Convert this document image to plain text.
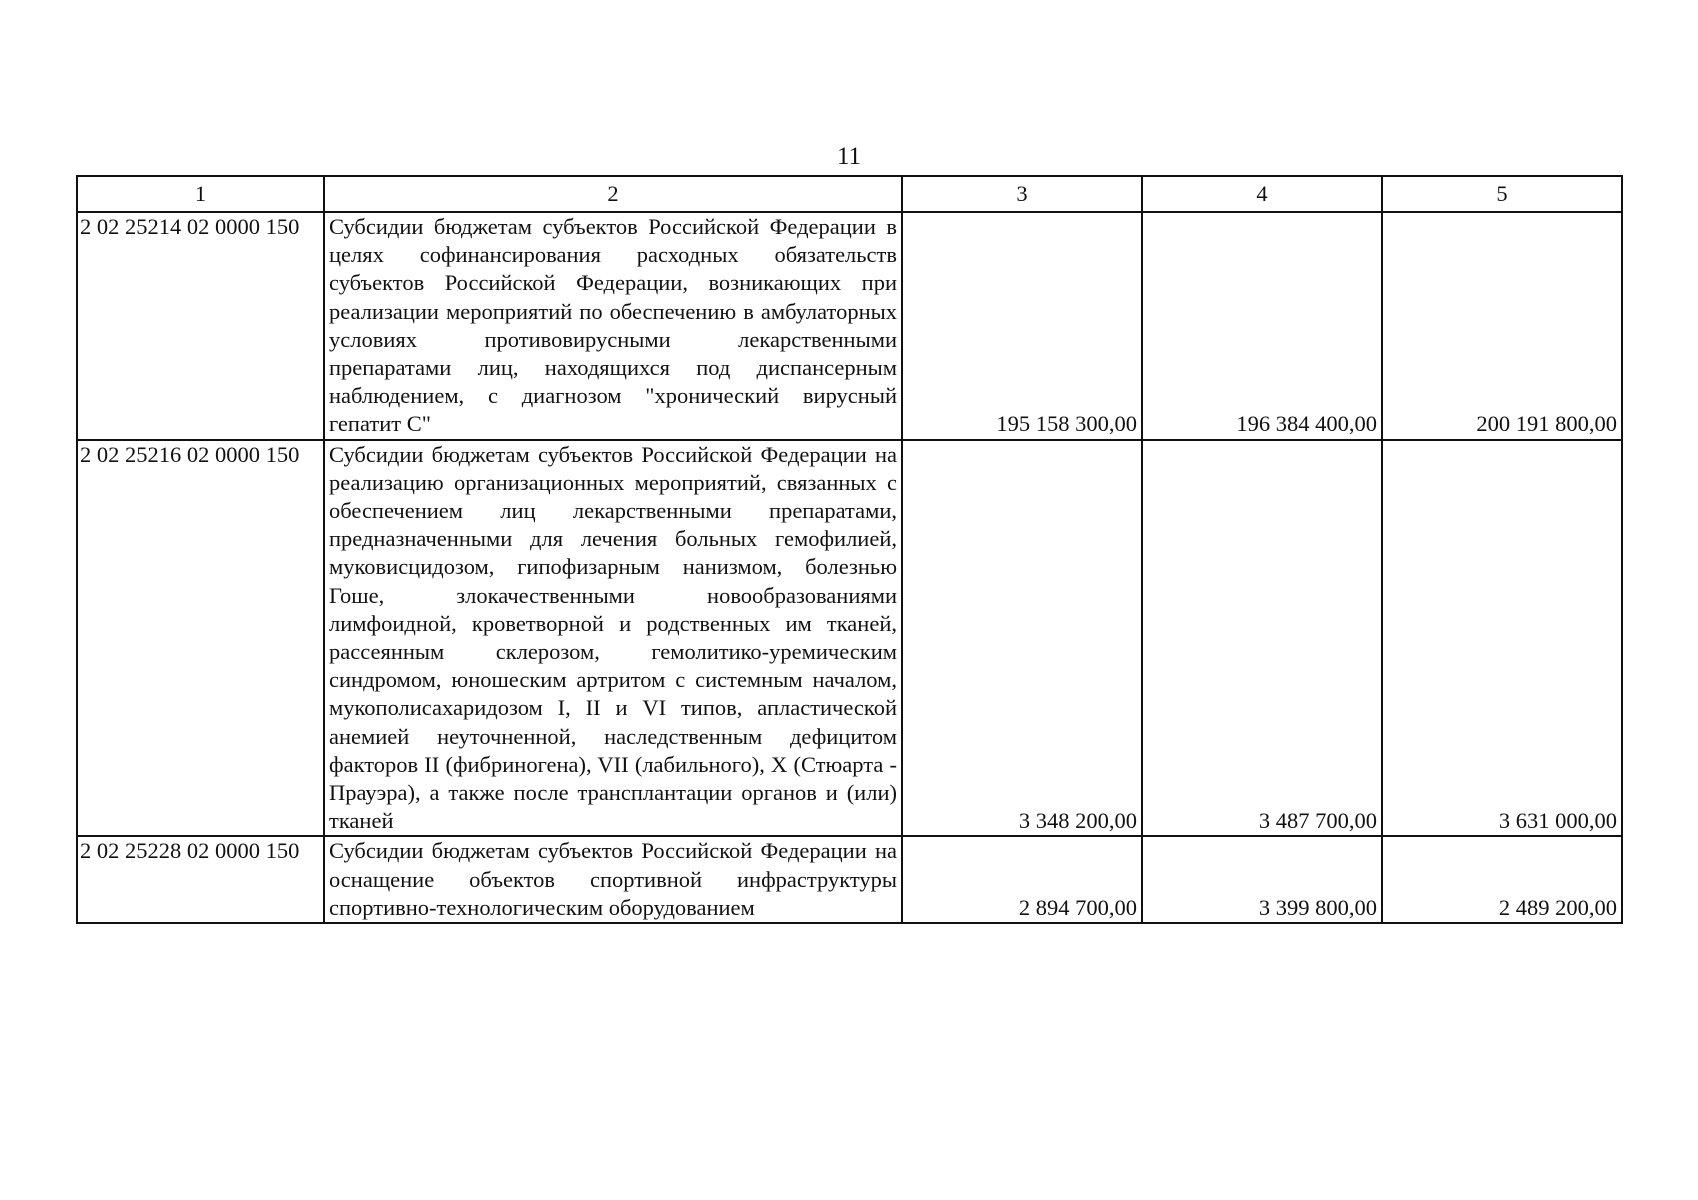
11
1	2	3	4	5
2 02 25214 02 0000 150	Субсидии бюджетам субъектов Российской Федерации в целях софинансирования расходных обязательств субъектов Российской Федерации, возникающих при реализации мероприятий по обеспечению в амбулаторных условиях противовирусными лекарственными препаратами лиц, находящихся под диспансерным наблюдением, с диагнозом "хронический вирусный гепатит С"	195 158 300,00	196 384 400,00	200 191 800,00
2 02 25216 02 0000 150	Субсидии бюджетам субъектов Российской Федерации на реализацию организационных мероприятий, связанных с обеспечением лиц лекарственными препаратами, предназначенными для лечения больных гемофилией, муковисцидозом, гипофизарным нанизмом, болезнью Гоше, злокачественными новообразованиями лимфоидной, кроветворной и родственных им тканей, рассеянным склерозом, гемолитико-уремическим синдромом, юношеским артритом с системным началом, мукополисахаридозом I, II и VI типов, апластической анемией неуточненной, наследственным дефицитом факторов II (фибриногена), VII (лабильного), X (Стюарта - Прауэра), а также после трансплантации органов и (или) тканей	3 348 200,00	3 487 700,00	3 631 000,00
2 02 25228 02 0000 150	Субсидии бюджетам субъектов Российской Федерации на оснащение объектов спортивной инфраструктуры спортивно-технологическим оборудованием	2 894 700,00	3 399 800,00	2 489 200,00
